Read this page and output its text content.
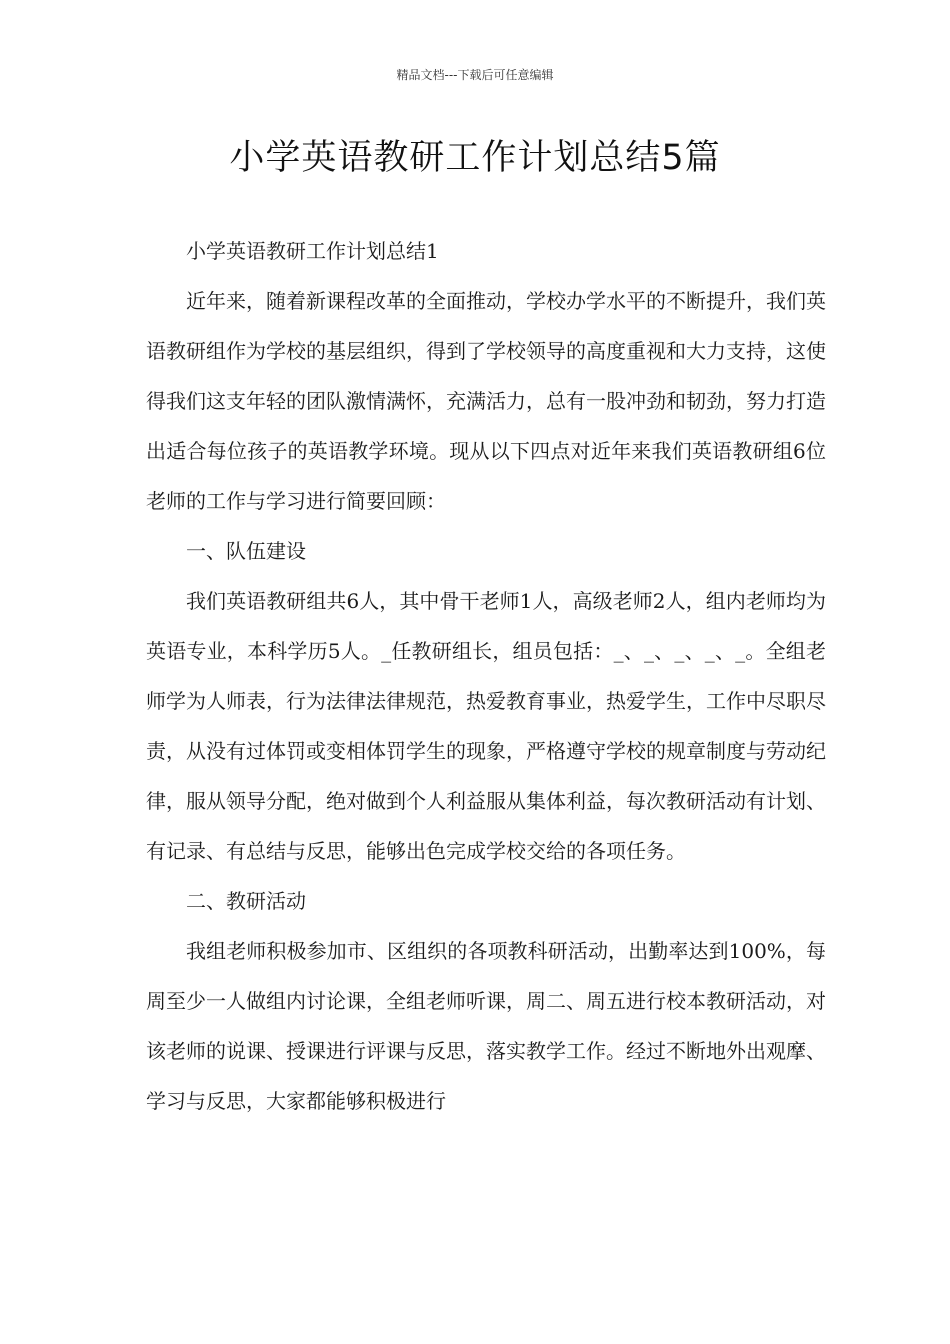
精品文档---下载后可任意编辑
小学英语教研工作计划总结5篇

小学英语教研工作计划总结1

近年来，随着新课程改革的全面推动，学校办学水平的不断提升，我们英语教研组作为学校的基层组织，得到了学校领导的高度重视和大力支持，这使得我们这支年轻的团队激情满怀，充满活力，总有一股冲劲和韧劲，努力打造出适合每位孩子的英语教学环境。现从以下四点对近年来我们英语教研组6位老师的工作与学习进行简要回顾：

一、队伍建设

我们英语教研组共6人，其中骨干老师1人，高级老师2人，组内老师均为英语专业，本科学历5人。_任教研组长，组员包括：_、_、_、_、_。全组老师学为人师表，行为法律法律规范，热爱教育事业，热爱学生，工作中尽职尽责，从没有过体罚或变相体罚学生的现象，严格遵守学校的规章制度与劳动纪律，服从领导分配，绝对做到个人利益服从集体利益，每次教研活动有计划、有记录、有总结与反思，能够出色完成学校交给的各项任务。

二、教研活动

我组老师积极参加市、区组织的各项教科研活动，出勤率达到100%，每周至少一人做组内讨论课，全组老师听课，周二、周五进行校本教研活动，对该老师的说课、授课进行评课与反思，落实教学工作。经过不断地外出观摩、学习与反思，大家都能够积极进行
